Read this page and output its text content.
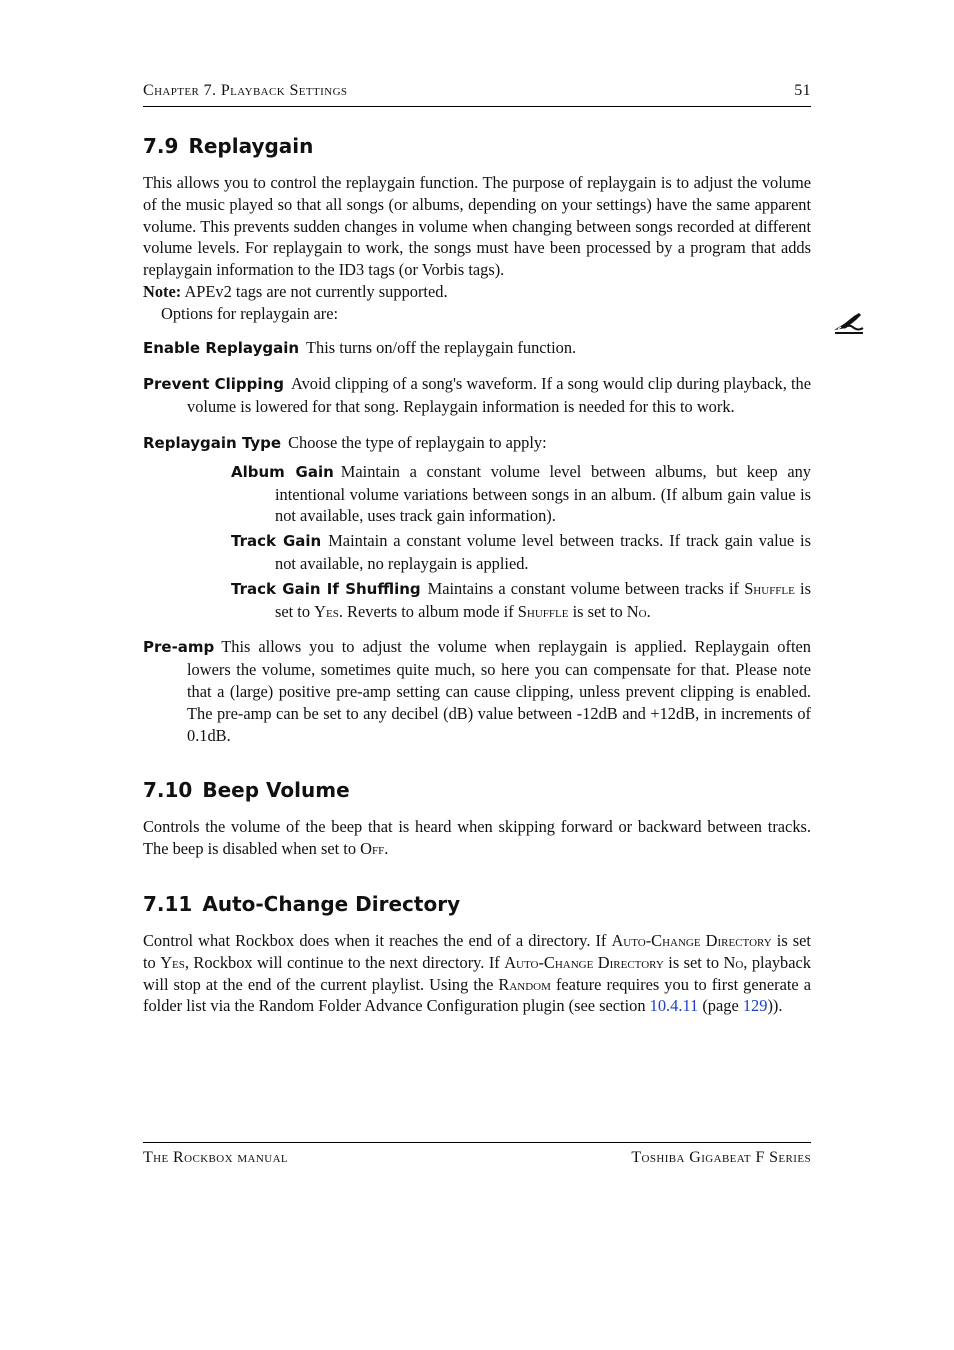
Chapter 7. Playback Settings	51
7.9 Replaygain

This allows you to control the replaygain function. The purpose of replaygain is to adjust the volume of the music played so that all songs (or albums, depending on your settings) have the same apparent volume. This prevents sudden changes in volume when changing between songs recorded at different volume levels. For replaygain to work, the songs must have been processed by a program that adds replaygain information to the ID3 tags (or Vorbis tags).

Note: APEv2 tags are not currently supported.

Options for replaygain are:

Enable Replaygain This turns on/off the replaygain function.
Prevent Clipping Avoid clipping of a song's waveform. If a song would clip during playback, the volume is lowered for that song. Replaygain information is needed for this to work.
Replaygain Type Choose the type of replaygain to apply:
Album Gain Maintain a constant volume level between albums, but keep any intentional volume variations between songs in an album. (If album gain value is not available, uses track gain information).
Track Gain Maintain a constant volume level between tracks. If track gain value is not available, no replaygain is applied.
Track Gain If Shuffling Maintains a constant volume between tracks if Shuffle is set to Yes. Reverts to album mode if Shuffle is set to No.
Pre-amp This allows you to adjust the volume when replaygain is applied. Replaygain often lowers the volume, sometimes quite much, so here you can compensate for that. Please note that a (large) positive pre-amp setting can cause clipping, unless prevent clipping is enabled. The pre-amp can be set to any decibel (dB) value between -12dB and +12dB, in increments of 0.1dB.
7.10 Beep Volume

Controls the volume of the beep that is heard when skipping forward or backward between tracks. The beep is disabled when set to Off.

7.11 Auto-Change Directory

Control what Rockbox does when it reaches the end of a directory. If Auto-Change Directory is set to Yes, Rockbox will continue to the next directory. If Auto-Change Directory is set to No, playback will stop at the end of the current playlist. Using the Random feature requires you to first generate a folder list via the Random Folder Advance Configuration plugin (see section 10.4.11 (page 129)).

The Rockbox manual	Toshiba Gigabeat F Series
